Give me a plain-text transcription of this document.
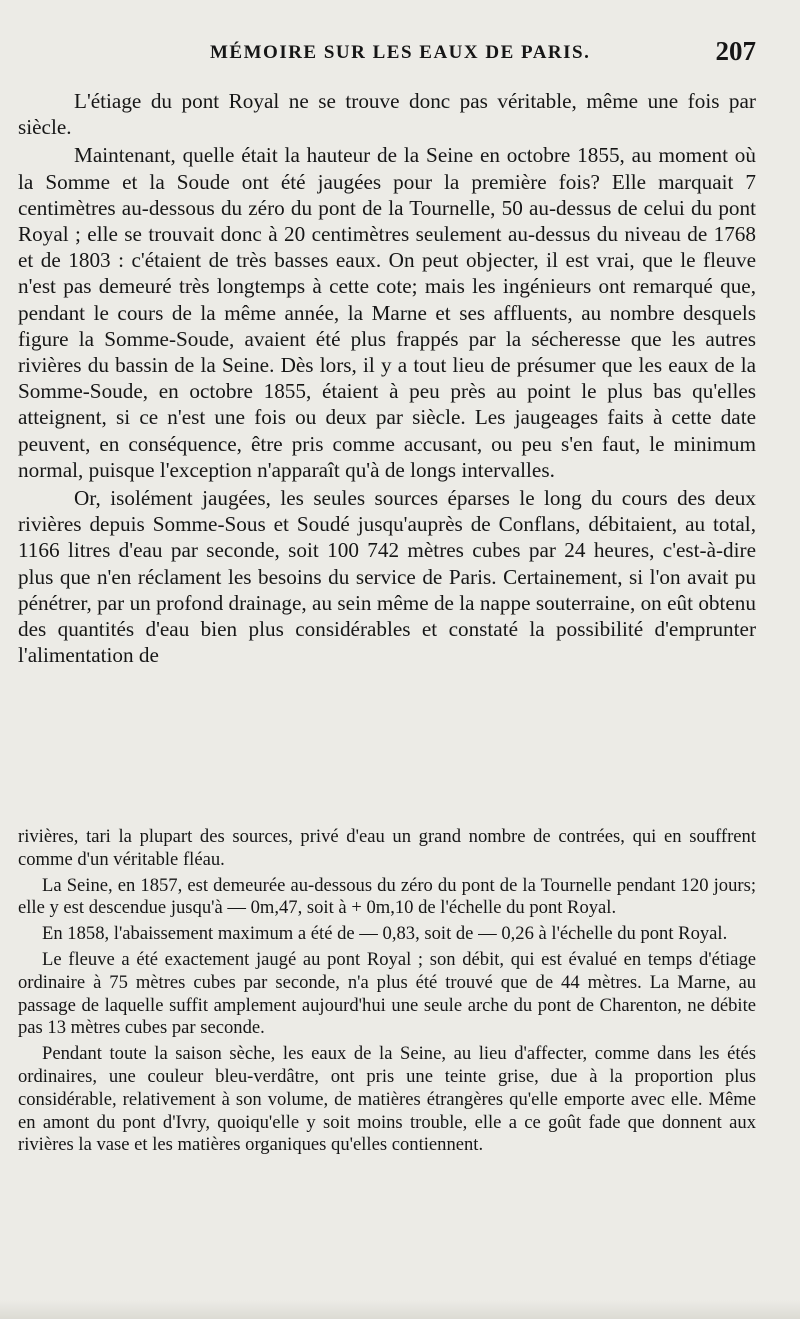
MÉMOIRE SUR LES EAUX DE PARIS.	207

L'étiage du pont Royal ne se trouve donc pas véritable, même une fois par siècle.

Maintenant, quelle était la hauteur de la Seine en octobre 1855, au moment où la Somme et la Soude ont été jaugées pour la première fois? Elle marquait 7 centimètres au-dessous du zéro du pont de la Tournelle, 50 au-dessus de celui du pont Royal ; elle se trouvait donc à 20 centimètres seulement au-dessus du niveau de 1768 et de 1803 : c'étaient de très basses eaux. On peut objecter, il est vrai, que le fleuve n'est pas demeuré très longtemps à cette cote; mais les ingénieurs ont remarqué que, pendant le cours de la même année, la Marne et ses affluents, au nombre desquels figure la Somme-Soude, avaient été plus frappés par la sécheresse que les autres rivières du bassin de la Seine. Dès lors, il y a tout lieu de présumer que les eaux de la Somme-Soude, en octobre 1855, étaient à peu près au point le plus bas qu'elles atteignent, si ce n'est une fois ou deux par siècle. Les jaugeages faits à cette date peuvent, en conséquence, être pris comme accusant, ou peu s'en faut, le minimum normal, puisque l'exception n'apparaît qu'à de longs intervalles.

Or, isolément jaugées, les seules sources éparses le long du cours des deux rivières depuis Somme-Sous et Soudé jusqu'auprès de Conflans, débitaient, au total, 1166 litres d'eau par seconde, soit 100 742 mètres cubes par 24 heures, c'est-à-dire plus que n'en réclament les besoins du service de Paris. Certainement, si l'on avait pu pénétrer, par un profond drainage, au sein même de la nappe souterraine, on eût obtenu des quantités d'eau bien plus considérables et constaté la possibilité d'emprunter l'alimentation de

rivières, tari la plupart des sources, privé d'eau un grand nombre de contrées, qui en souffrent comme d'un véritable fléau.

La Seine, en 1857, est demeurée au-dessous du zéro du pont de la Tournelle pendant 120 jours; elle y est descendue jusqu'à — 0m,47, soit à + 0m,10 de l'échelle du pont Royal.

En 1858, l'abaissement maximum a été de — 0,83, soit de — 0,26 à l'échelle du pont Royal.

Le fleuve a été exactement jaugé au pont Royal ; son débit, qui est évalué en temps d'étiage ordinaire à 75 mètres cubes par seconde, n'a plus été trouvé que de 44 mètres. La Marne, au passage de laquelle suffit amplement aujourd'hui une seule arche du pont de Charenton, ne débite pas 13 mètres cubes par seconde.

Pendant toute la saison sèche, les eaux de la Seine, au lieu d'affecter, comme dans les étés ordinaires, une couleur bleu-verdâtre, ont pris une teinte grise, due à la proportion plus considérable, relativement à son volume, de matières étrangères qu'elle emporte avec elle. Même en amont du pont d'Ivry, quoiqu'elle y soit moins trouble, elle a ce goût fade que donnent aux rivières la vase et les matières organiques qu'elles contiennent.
